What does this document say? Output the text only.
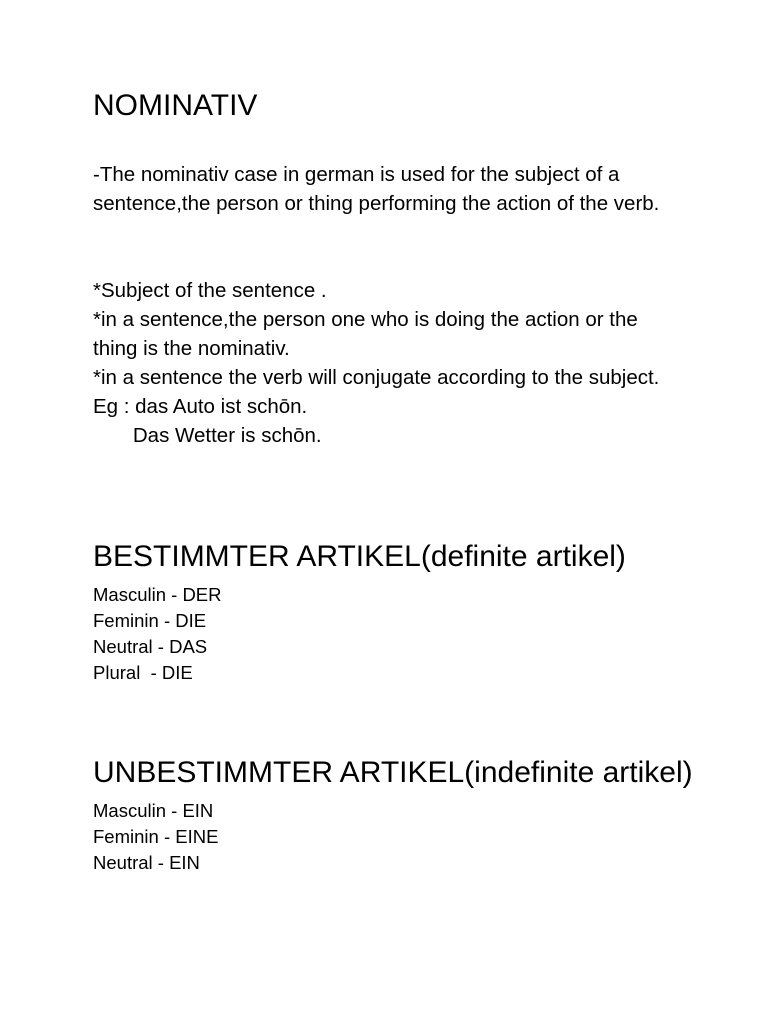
NOMINATIV

-The nominativ case in german is used for the subject of a sentence,the person or thing performing the action of the verb.

*Subject of the sentence .

*in a sentence,the person one who is doing the action or the thing is the nominativ.

*in a sentence the verb will conjugate according to the subject.

Eg : das Auto ist schōn.

Das Wetter is schōn.

BESTIMMTER ARTIKEL(definite artikel)
Masculin - DER
Feminin - DIE
Neutral - DAS
Plural  - DIE
UNBESTIMMTER ARTIKEL(indefinite artikel)
Masculin - EIN
Feminin - EINE
Neutral - EIN
